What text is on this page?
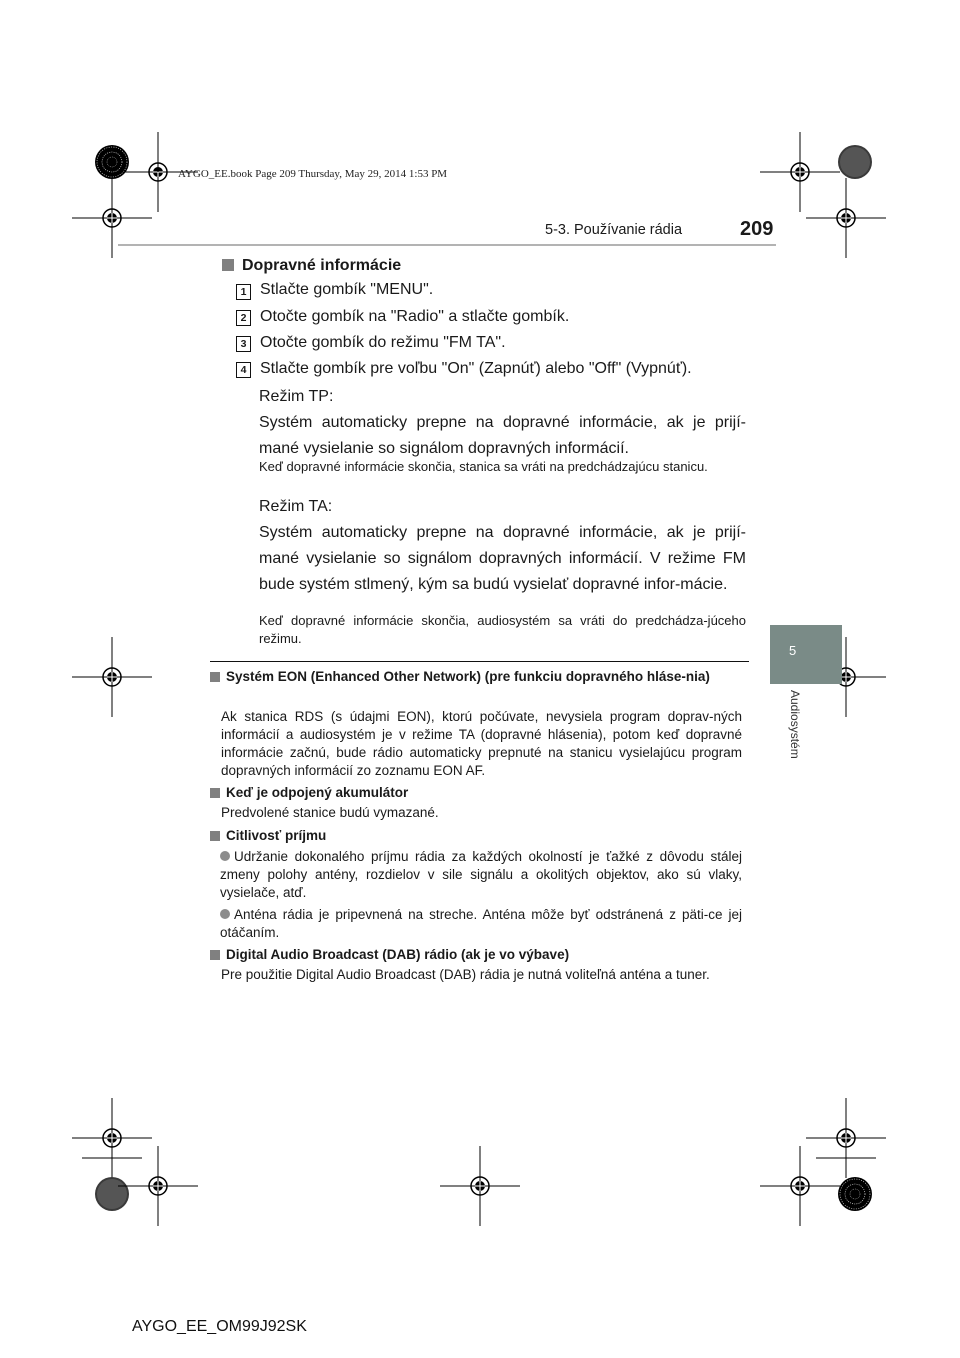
AYGO_EE.book Page 209 Thursday, May 29, 2014 1:53 PM
5-3. Používanie rádia	209
5
Audiosystém
Dopravné informácie
1 Stlačte gombík "MENU".
2 Otočte gombík na "Radio" a stlačte gombík.
3 Otočte gombík do režimu "FM TA".
4 Stlačte gombík pre voľbu "On" (Zapnúť) alebo "Off" (Vypnúť).
Režim TP:
Systém automaticky prepne na dopravné informácie, ak je prijí-mané vysielanie so signálom dopravných informácií.
Keď dopravné informácie skončia, stanica sa vráti na predchádzajúcu stanicu.
Režim TA:
Systém automaticky prepne na dopravné informácie, ak je prijí-mané vysielanie so signálom dopravných informácií. V režime FM bude systém stlmený, kým sa budú vysielať dopravné infor-mácie.
Keď dopravné informácie skončia, audiosystém sa vráti do predchádza-júceho režimu.
Systém EON (Enhanced Other Network) (pre funkciu dopravného hláse-nia)
Ak stanica RDS (s údajmi EON), ktorú počúvate, nevysiela program doprav-ných informácií a audiosystém je v režime TA (dopravné hlásenia), potom keď dopravné informácie začnú, bude rádio automaticky prepnuté na stanicu vysielajúcu program dopravných informácií zo zoznamu EON AF.
Keď je odpojený akumulátor
Predvolené stanice budú vymazané.
Citlivosť príjmu
Udržanie dokonalého príjmu rádia za každých okolností je ťažké z dôvodu stálej zmeny polohy antény, rozdielov v sile signálu a okolitých objektov, ako sú vlaky, vysielače, atď.
Anténa rádia je pripevnená na streche. Anténa môže byť odstránená z päti-ce jej otáčaním.
Digital Audio Broadcast (DAB) rádio (ak je vo výbave)
Pre použitie Digital Audio Broadcast (DAB) rádia je nutná voliteľná anténa a tuner.
AYGO_EE_OM99J92SK
